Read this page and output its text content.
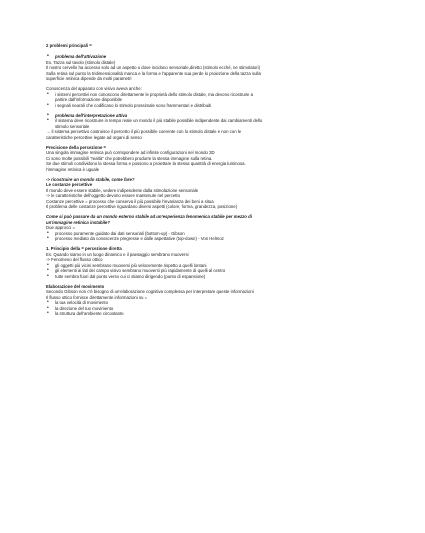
2 problemi principali =

• problema dell'attivazione

Es. Tazza sul tavolo (stimolo distale)

Il nostro cervello ha accesso solo ad un aspetto o dove incidono sensoriale,diretto (stimolo ecchè, ne stimolatori)

Sulla retina sul punto la tridimensionalità manca e la forma e l'apparente sua perde lo proiezione della tazza sulla

superficie retinica dipende da molti parametri

Conoscenza del apparato con visivo aveva anche:

• i sistemi percettivi non conoscono direttamente le proprietà dello stimolo distale, ma devono ricostruire a

partire dall'informazione disponibile

• i segnali neurali che codificano lo stimolo prossimale sono frammentari e distribuiti

• problema dell'interpretazione attiva

• il sistema deve ricostruire in tempo reale un mondo il più stabile possibile indipendente dai cambiamenti dello

stimolo sensoriale

→ il sistema percettivo costruisce il percetto il più possibile coerente con lo stimolo distale e non con le

caratteristiche percettive legate ad organi di senso

Precisione della percezione =

Una singola immagine retinica può corrispondere ad infinite configurazioni nel mondo 3D

Ci sono molte possibili "realtà" che potrebbero produrre la stessa immagine sulla retina.

Se due stimoli condividono la stessa forma e possono a proiettare la stessa quantità di energia luminosa.

l'immagine retinica è uguale

-> ricostruire un mondo stabile, come fare?

Le costanze percettive

Il mondo deve essere stabile, vedere indipendente dalla stimolazione sensoriale

-> le caratteristiche dell'oggetto devono essere mantenute nel percetto

Costanze percettive = processo che conserva il più possibile l'invarianza dei beni a situa

Il problema delle costanze percettive riguardano diversi aspetti (colore, forma, grandezza, posizione)

Come si può passare da un mondo esterno stabile ad un'esperienza fenomenica stabile per mezzo di

un'immagine retinica instabile?

Due approcci =

• processo puramente guidato dai dati sensoriali (bottom-up) - Gibson

• processo mediato da conoscenze pregresse e dalle aspettative (top-down) - Von Helmoz

1. Principio della = percezione diretta

Es. Quando siamo in un luogo dinamico e il paesaggio sembrano muoversi

-> Fenomeno del flusso ottico

• gli oggetti più vicini sembrano muoversi più velocemente rispetto a quelli lontani

• gli elementi ai lati dei campo visivo sembrano muoversi più rapidamente di quelli al centro

• tutte sembra fuori dal punto verso cui ci stiamo dirigendo (punto di espansione)

Elaborazione del movimento

Secondo Gibson non c'è bisogno di un'elaborazione cognitiva complessa per interpretare queste informazioni

Il flusso ottico fornisce direttamente informazioni su =

• la tua velocità di movimento

• la direzione del tuo movimento

• la struttura dell'ambiente circostante
